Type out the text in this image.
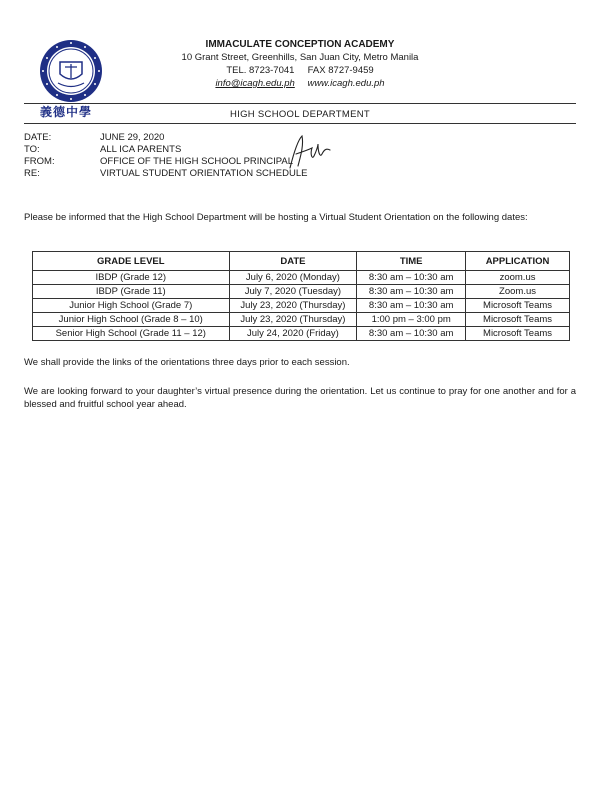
義德中學
IMMACULATE CONCEPTION ACADEMY
10 Grant Street, Greenhills, San Juan City, Metro Manila
TEL. 8723-7041 FAX 8727-9459
info@icagh.edu.ph www.icagh.edu.ph
HIGH SCHOOL DEPARTMENT
DATE:	JUNE 29, 2020
TO:	ALL ICA PARENTS
FROM:	OFFICE OF THE HIGH SCHOOL PRINCIPAL
RE:	VIRTUAL STUDENT ORIENTATION SCHEDULE
Please be informed that the High School Department will be hosting a Virtual Student Orientation on the following dates:
GRADE LEVEL	DATE	TIME	APPLICATION
IBDP (Grade 12)	July 6, 2020 (Monday)	8:30 am – 10:30 am	zoom.us
IBDP (Grade 11)	July 7, 2020 (Tuesday)	8:30 am – 10:30 am	Zoom.us
Junior High School (Grade 7)	July 23, 2020 (Thursday)	8:30 am – 10:30 am	Microsoft Teams
Junior High School (Grade 8 – 10)	July 23, 2020 (Thursday)	1:00 pm – 3:00 pm	Microsoft Teams
Senior High School (Grade 11 – 12)	July 24, 2020 (Friday)	8:30 am – 10:30 am	Microsoft Teams
We shall provide the links of the orientations three days prior to each session.
We are looking forward to your daughter’s virtual presence during the orientation. Let us continue to pray for one another and for a blessed and fruitful school year ahead.
